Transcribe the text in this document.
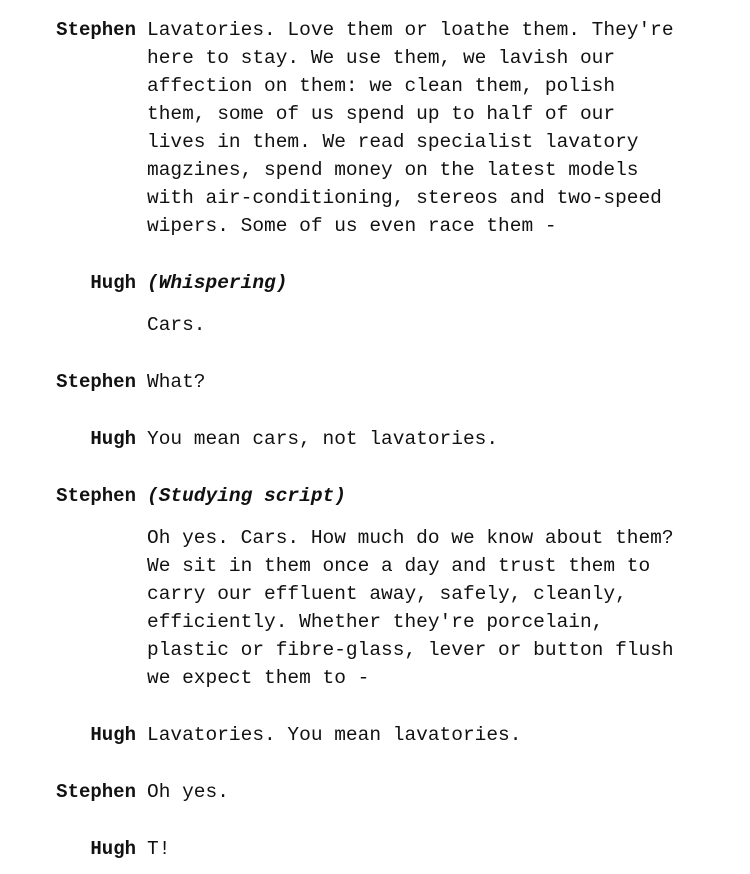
Stephen Lavatories. Love them or loathe them. They're
here to stay. We use them, we lavish our
affection on them: we clean them, polish
them, some of us spend up to half of our
lives in them. We read specialist lavatory
magzines, spend money on the latest models
with air-conditioning, stereos and two-speed
wipers. Some of us even race them -
Hugh (Whispering)
Cars.
Stephen What?
Hugh You mean cars, not lavatories.
Stephen (Studying script)
Oh yes. Cars. How much do we know about them?
We sit in them once a day and trust them to
carry our effluent away, safely, cleanly,
efficiently. Whether they're porcelain,
plastic or fibre-glass, lever or button flush
we expect them to -
Hugh Lavatories. You mean lavatories.
Stephen Oh yes.
Hugh T!
